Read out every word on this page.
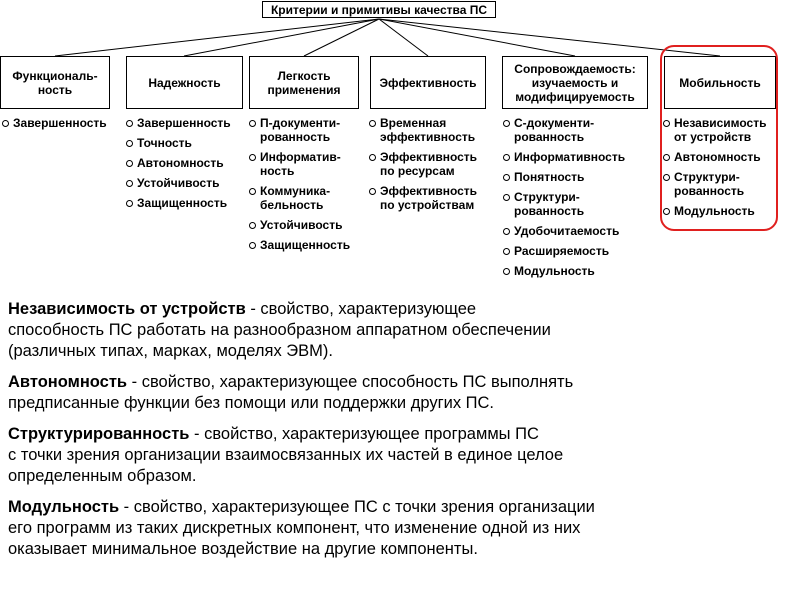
Критерии и примитивы качества ПС
Функциональ-
ность	Надежность	Легкость
применения	Эффективность
Сопровождаемость:
изучаемость и
модифицируемость
Мобильность
Завершенность	Завершенность
Точность
Автономность
Устойчивость
Защищенность
П-документи-
рованность
Информатив-
ность
Коммуника-
бельность
Устойчивость
Защищенность
Временная
эффективность
Эффективность
по ресурсам
Эффективность
по устройствам
С-документи-
рованность
Информативность
Понятность
Структури-
рованность
Удобочитаемость
Расширяемость
Модульность
Независимость
от устройств
Автономность
Структури-
рованность
Модульность

Независимость от устройств - свойство, характеризующее
способность ПС работать на разнообразном аппаратном обеспечении
(различных типах, марках, моделях ЭВМ).

Автономность - свойство, характеризующее способность ПС выполнять
предписанные функции без помощи или поддержки других ПС.

Структурированность - свойство, характеризующее программы ПС
с точки зрения организации взаимосвязанных их частей в единое целое
определенным образом.

Модульность - свойство, характеризующее ПС с точки зрения организации
его программ из таких дискретных компонент, что изменение одной из них
оказывает минимальное воздействие на другие компоненты.
